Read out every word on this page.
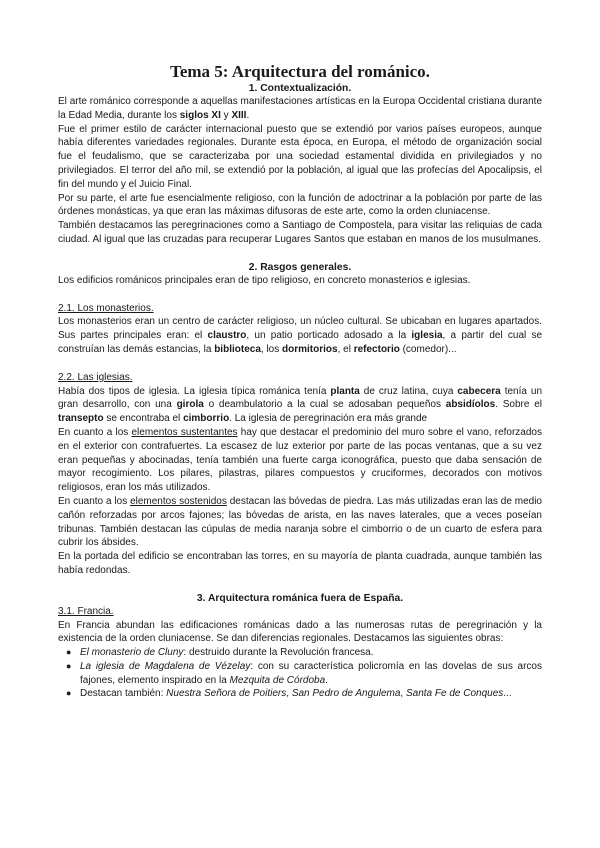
Tema 5: Arquitectura del románico.
1. Contextualización.

El arte románico corresponde a aquellas manifestaciones artísticas en la Europa Occidental cristiana durante la Edad Media, durante los siglos XI y XIII.

Fue el primer estilo de carácter internacional puesto que se extendió por varios países europeos, aunque había diferentes variedades regionales. Durante esta época, en Europa, el método de organización social fue el feudalismo, que se caracterizaba por una sociedad estamental dividida en privilegiados y no privilegiados. El terror del año mil, se extendió por la población, al igual que las profecías del Apocalipsis, el fin del mundo y el Juicio Final.

Por su parte, el arte fue esencialmente religioso, con la función de adoctrinar a la población por parte de las órdenes monásticas, ya que eran las máximas difusoras de este arte, como la orden cluniacense.

También destacamos las peregrinaciones como a Santiago de Compostela, para visitar las reliquias de cada ciudad. Al igual que las cruzadas para recuperar Lugares Santos que estaban en manos de los musulmanes.

2. Rasgos generales.

Los edificios románicos principales eran de tipo religioso, en concreto monasterios e iglesias.

2.1. Los monasterios.

Los monasterios eran un centro de carácter religioso, un núcleo cultural. Se ubicaban en lugares apartados. Sus partes principales eran: el claustro, un patio porticado adosado a la iglesia, a partir del cual se construían las demás estancias, la biblioteca, los dormitorios, el refectorio (comedor)...

2.2. Las iglesias.

Había dos tipos de iglesia. La iglesia típica románica tenía planta de cruz latina, cuya cabecera tenía un gran desarrollo, con una girola o deambulatorio a la cual se adosaban pequeños absidíolos. Sobre el transepto se encontraba el cimborrio. La iglesia de peregrinación era más grande

En cuanto a los elementos sustentantes hay que destacar el predominio del muro sobre el vano, reforzados en el exterior con contrafuertes. La escasez de luz exterior por parte de las pocas ventanas, que a su vez eran pequeñas y abocinadas, tenía también una fuerte carga iconográfica, puesto que daba sensación de mayor recogimiento. Los pilares, pilastras, pilares compuestos y cruciformes, decorados con motivos religiosos, eran los más utilizados.

En cuanto a los elementos sostenidos destacan las bóvedas de piedra. Las más utilizadas eran las de medio cañón reforzadas por arcos fajones; las bóvedas de arista, en las naves laterales, que a veces poseían tribunas. También destacan las cúpulas de media naranja sobre el cimborrio o de un cuarto de esfera para cubrir los ábsides.

En la portada del edificio se encontraban las torres, en su mayoría de planta cuadrada, aunque también las había redondas.

3. Arquitectura románica fuera de España.

3.1. Francia.

En Francia abundan las edificaciones románicas dado a las numerosas rutas de peregrinación y la existencia de la orden cluniacense. Se dan diferencias regionales. Destacamos las siguientes obras:

● El monasterio de Cluny: destruido durante la Revolución francesa.
● La iglesia de Magdalena de Vézelay: con su característica policromía en las dovelas de sus arcos fajones, elemento inspirado en la Mezquita de Córdoba.
● Destacan también: Nuestra Señora de Poitiers, San Pedro de Angulema, Santa Fe de Conques...
